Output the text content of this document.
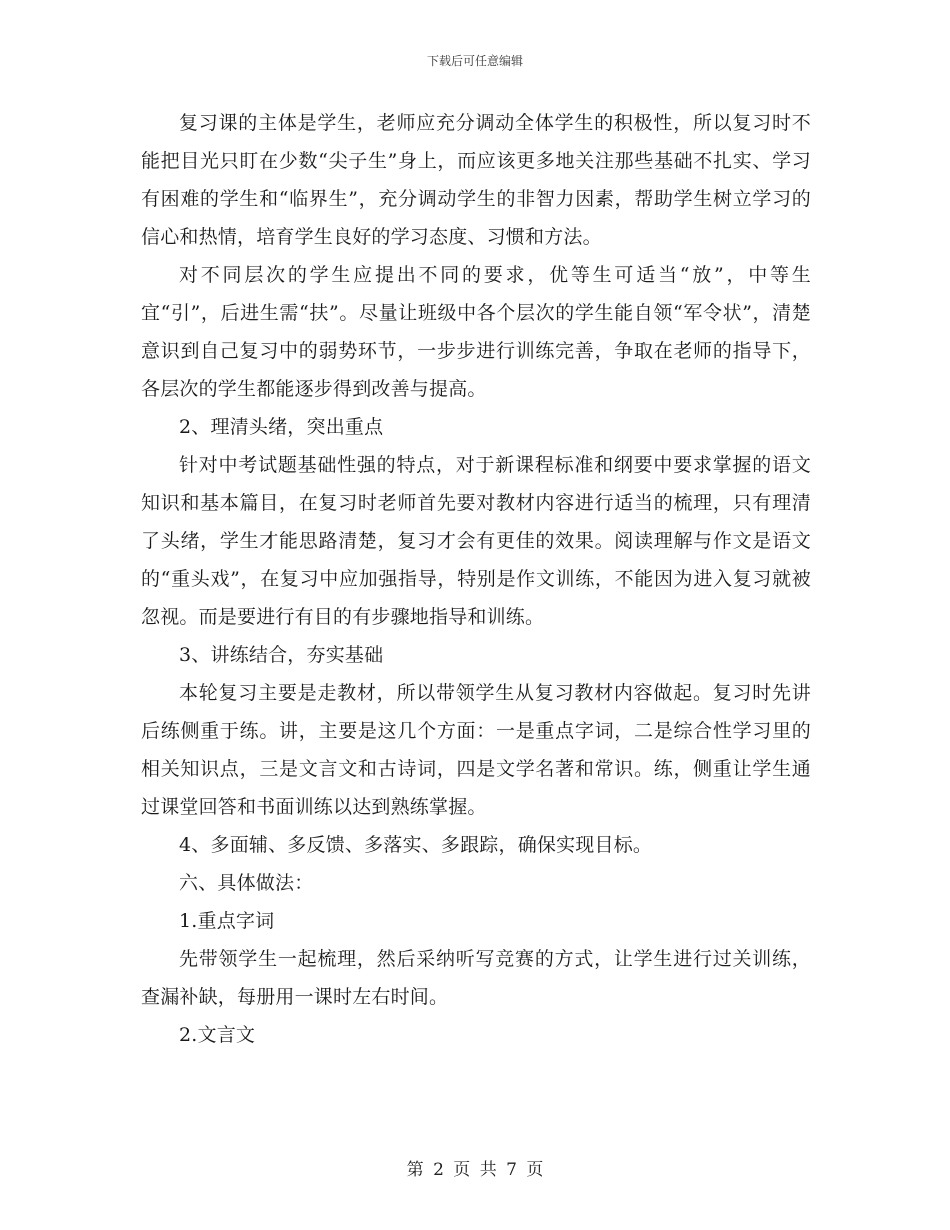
下载后可任意编辑

复习课的主体是学生，老师应充分调动全体学生的积极性，所以复习时不能把目光只盯在少数“尖子生”身上，而应该更多地关注那些基础不扎实、学习有困难的学生和“临界生”，充分调动学生的非智力因素，帮助学生树立学习的信心和热情，培育学生良好的学习态度、习惯和方法。

对不同层次的学生应提出不同的要求，优等生可适当“放”，中等生宜“引”，后进生需“扶”。尽量让班级中各个层次的学生能自领“军令状”，清楚意识到自己复习中的弱势环节，一步步进行训练完善，争取在老师的指导下，各层次的学生都能逐步得到改善与提高。

2、理清头绪，突出重点

针对中考试题基础性强的特点，对于新课程标准和纲要中要求掌握的语文知识和基本篇目，在复习时老师首先要对教材内容进行适当的梳理，只有理清了头绪，学生才能思路清楚，复习才会有更佳的效果。阅读理解与作文是语文的“重头戏”，在复习中应加强指导，特别是作文训练，不能因为进入复习就被忽视。而是要进行有目的有步骤地指导和训练。

3、讲练结合，夯实基础

本轮复习主要是走教材，所以带领学生从复习教材内容做起。复习时先讲后练侧重于练。讲，主要是这几个方面：一是重点字词，二是综合性学习里的相关知识点，三是文言文和古诗词，四是文学名著和常识。练，侧重让学生通过课堂回答和书面训练以达到熟练掌握。

4、多面辅、多反馈、多落实、多跟踪，确保实现目标。

六、具体做法：

1.重点字词

先带领学生一起梳理，然后采纳听写竞赛的方式，让学生进行过关训练，查漏补缺，每册用一课时左右时间。

2.文言文

第 2 页 共 7 页
